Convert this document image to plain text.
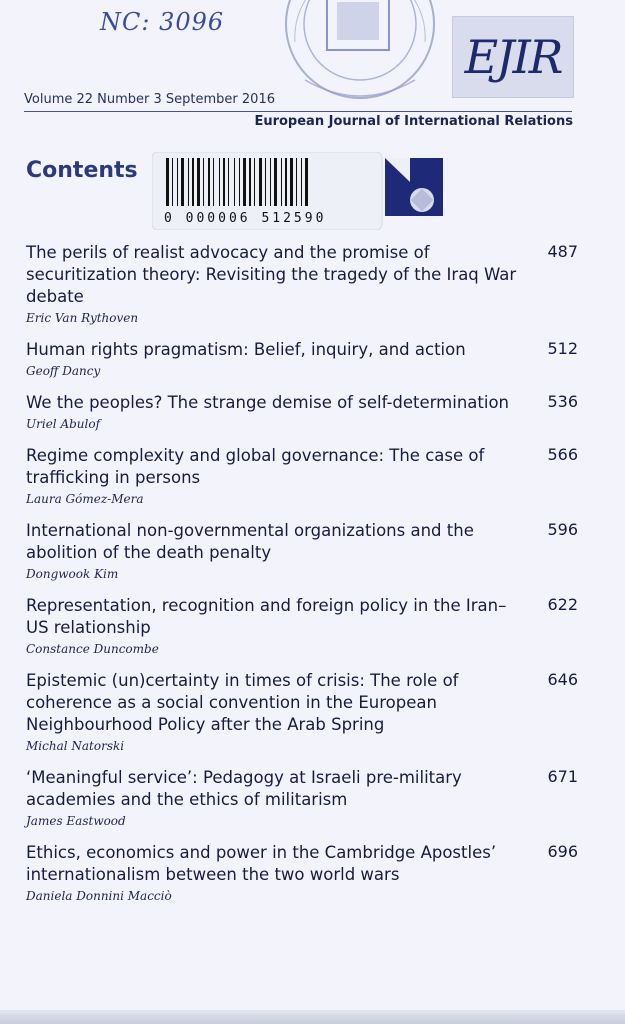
NC: 3096
EJIR
Volume 22 Number 3 September 2016
European Journal of International Relations
Contents
0 000006 512590
The perils of realist advocacy and the promise of securitization theory: Revisiting the tragedy of the Iraq War debate
Eric Van Rythoven
487
Human rights pragmatism: Belief, inquiry, and action
Geoff Dancy
512
We the peoples? The strange demise of self-determination
Uriel Abulof
536
Regime complexity and global governance: The case of trafficking in persons
Laura Gómez-Mera
566
International non-governmental organizations and the abolition of the death penalty
Dongwook Kim
596
Representation, recognition and foreign policy in the Iran–US relationship
Constance Duncombe
622
Epistemic (un)certainty in times of crisis: The role of coherence as a social convention in the European Neighbourhood Policy after the Arab Spring
Michal Natorski
646
‘Meaningful service’: Pedagogy at Israeli pre-military academies and the ethics of militarism
James Eastwood
671
Ethics, economics and power in the Cambridge Apostles’ internationalism between the two world wars
Daniela Donnini Macciò
696
